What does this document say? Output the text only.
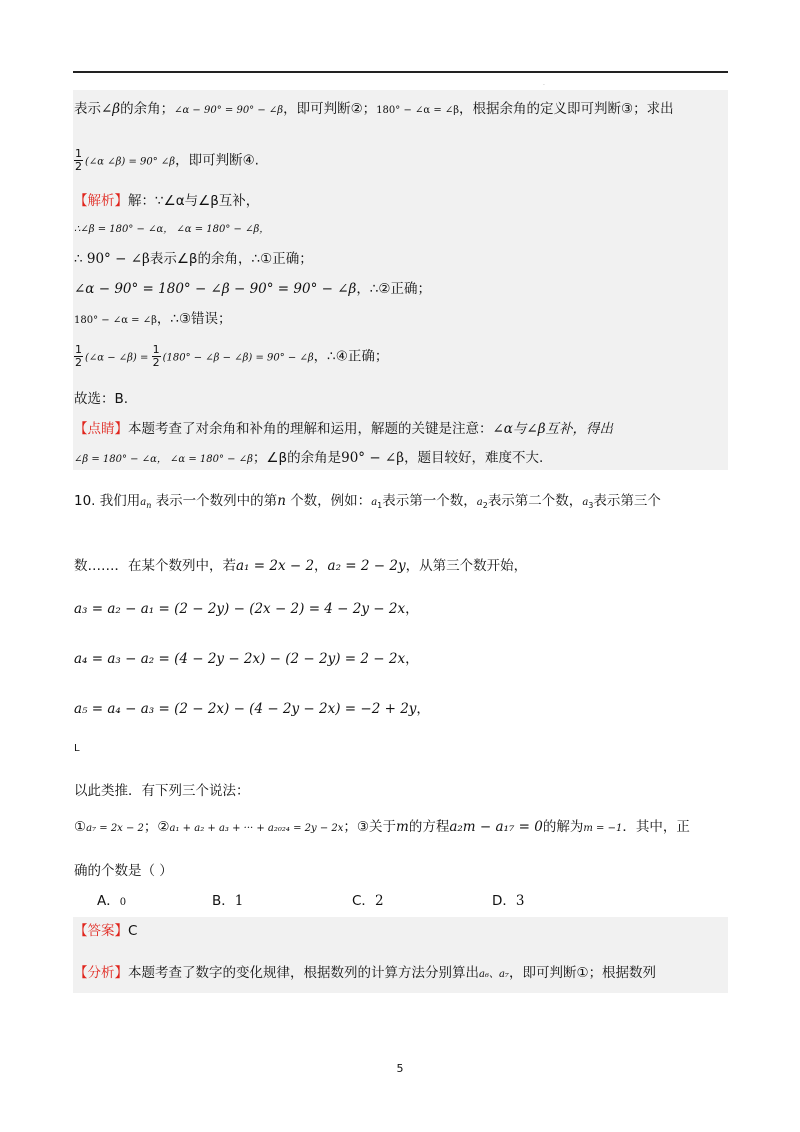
.
表示∠β的余角；∠α − 90° = 90° − ∠β，即可判断②；180° − ∠α = ∠β，根据余角的定义即可判断③；求出
$\frac{1}{2}$ (∠α ∠β) = 90° ∠β，即可判断④.
【解析】解：∵∠α与∠β互补，
∴∠β = 180° − ∠α， ∠α = 180° − ∠β，
∴ 90° − ∠β表示∠β的余角，∴①正确；
∠α − 90° = 180° − ∠β − 90° = 90° − ∠β，∴②正确；
180° − ∠α = ∠β，∴③错误；
$\frac{1}{2}$ (∠α − ∠β) = $\frac{1}{2} (180^\circ$ − ∠β − ∠β) = 90° − ∠β，∴④正确；
故选：B.
【点睛】本题考查了对余角和补角的理解和运用，解题的关键是注意：∠α与∠β互补，得出
∠β = 180° − ∠α， ∠α = 180° − ∠β；∠β的余角是90° − ∠β，题目较好，难度不大.
10. 我们用$a_n$ 表示一个数列中的第n 个数，例如：$a_1$表示第一个数，$a_2$表示第二个数，$a_3$表示第三个
数……．在某个数列中，若a₁ = 2x − 2，a₂ = 2 − 2y，从第三个数开始，
a₃ = a₂ − a₁ = (2 − 2y) − (2x − 2) = 4 − 2y − 2x，
a₄ = a₃ − a₂ = (4 − 2y − 2x) − (2 − 2y) = 2 − 2x，
a₅ = a₄ − a₃ = (2 − 2x) − (4 − 2y − 2x) = −2 + 2y，
L
以此类推．有下列三个说法：
①a₇ = 2x − 2；②a₁ + a₂ + a₃ + ··· + a₂₀₂₄ = 2y − 2x；③关于m的方程a₂m − a₁₇ = 0的解为m = −1．其中，正
确的个数是（ ）
A．0	B．1	C．2	D．3
【答案】C
【分析】本题考查了数字的变化规律，根据数列的计算方法分别算出a₆、a₇，即可判断①；根据数列
5
